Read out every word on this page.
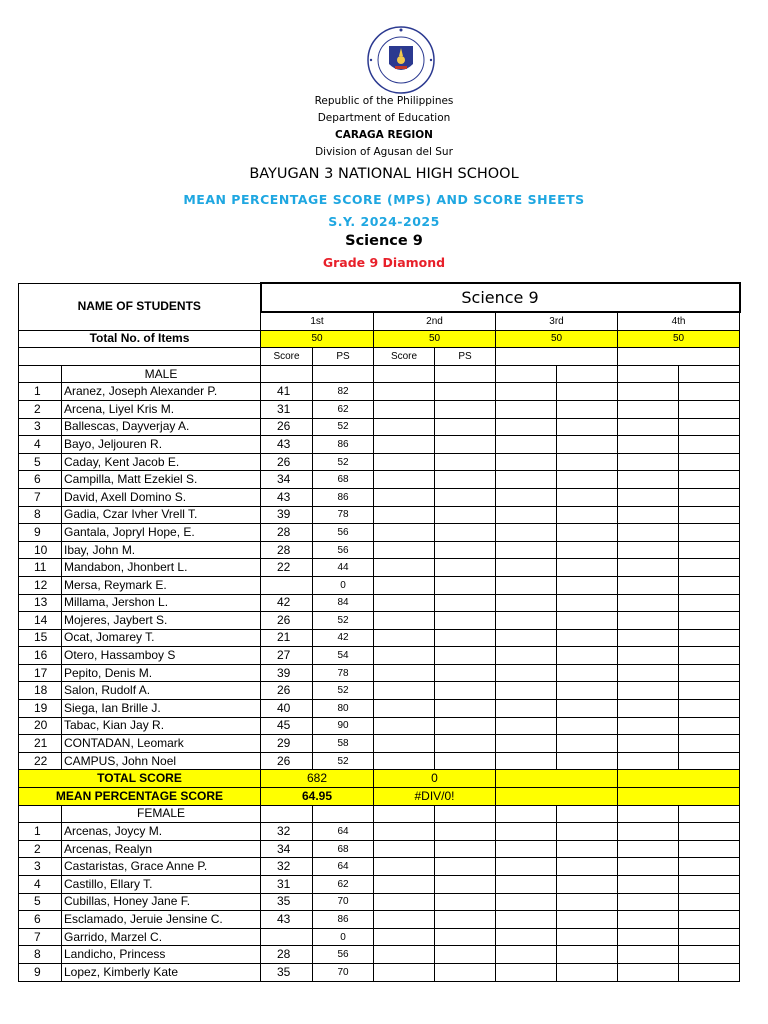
Republic of the Philippines
Department of Education
CARAGA REGION
Division of Agusan del Sur
BAYUGAN 3 NATIONAL HIGH SCHOOL
MEAN PERCENTAGE SCORE (MPS) AND SCORE SHEETS
S.Y. 2024-2025
Science 9
Grade 9 Diamond
NAME OF STUDENTS		Science 9							
		1st		2nd		3rd		4th	
Total No. of Items		50		50		50		50	
		Score	PS	Score	PS				
	MALE								
1	Aranez, Joseph Alexander P.	41	82						
2	Arcena, Liyel Kris M.	31	62						
3	Ballescas, Dayverjay A.	26	52						
4	Bayo, Jeljouren R.	43	86						
5	Caday, Kent Jacob E.	26	52						
6	Campilla, Matt Ezekiel S.	34	68						
7	David, Axell Domino S.	43	86						
8	Gadia, Czar Ivher Vrell T.	39	78						
9	Gantala, Jopryl Hope, E.	28	56						
10	Ibay, John M.	28	56						
11	Mandabon, Jhonbert L.	22	44						
12	Mersa, Reymark E.		0						
13	Millama, Jershon L.	42	84						
14	Mojeres, Jaybert S.	26	52						
15	Ocat, Jomarey T.	21	42						
16	Otero, Hassamboy S	27	54						
17	Pepito, Denis M.	39	78						
18	Salon, Rudolf A.	26	52						
19	Siega, Ian Brille J.	40	80						
20	Tabac, Kian Jay R.	45	90						
21	CONTADAN, Leomark	29	58						
22	CAMPUS, John Noel	26	52						
TOTAL SCORE		682		0					
MEAN PERCENTAGE SCORE		64.95		#DIV/0!					
	FEMALE								
1	Arcenas, Joycy M.	32	64						
2	Arcenas, Realyn	34	68						
3	Castaristas, Grace Anne P.	32	64						
4	Castillo, Ellary T.	31	62						
5	Cubillas, Honey Jane F.	35	70						
6	Esclamado, Jeruie Jensine C.	43	86						
7	Garrido, Marzel C.		0						
8	Landicho, Princess	28	56						
9	Lopez, Kimberly Kate	35	70						
